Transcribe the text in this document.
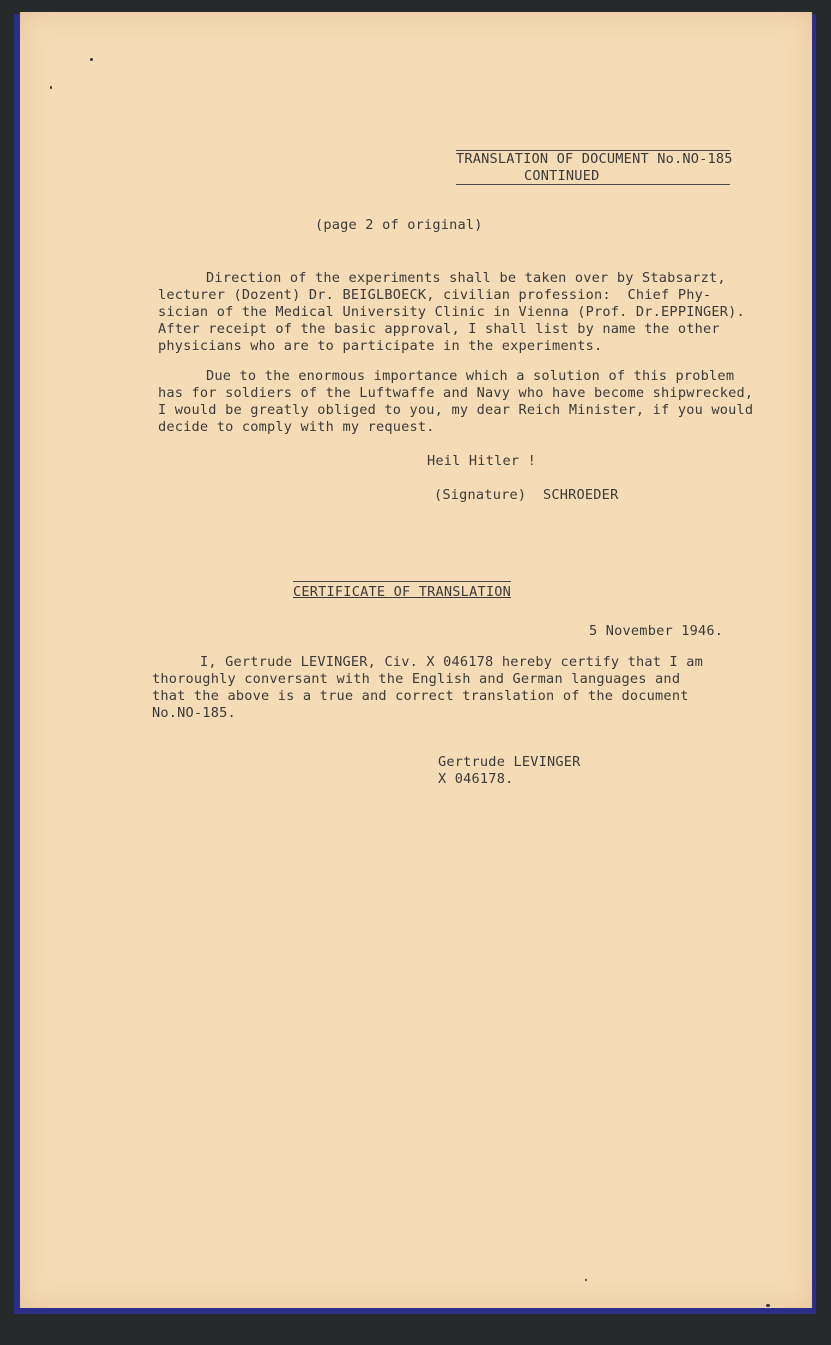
TRANSLATION OF DOCUMENT No.NO-185
CONTINUED
(page 2 of original)
Direction of the experiments shall be taken over by Stabsarzt,
lecturer (Dozent) Dr. BEIGLBOECK, civilian profession:  Chief Phy-
sician of the Medical University Clinic in Vienna (Prof. Dr.EPPINGER).
After receipt of the basic approval, I shall list by name the other
physicians who are to participate in the experiments.
Due to the enormous importance which a solution of this problem
has for soldiers of the Luftwaffe and Navy who have become shipwrecked,
I would be greatly obliged to you, my dear Reich Minister, if you would
decide to comply with my request.
Heil Hitler !
(Signature)  SCHROEDER
CERTIFICATE OF TRANSLATION
5 November 1946.
I, Gertrude LEVINGER, Civ. X 046178 hereby certify that I am
thoroughly conversant with the English and German languages and
that the above is a true and correct translation of the document
No.NO-185.
Gertrude LEVINGER
X 046178.
